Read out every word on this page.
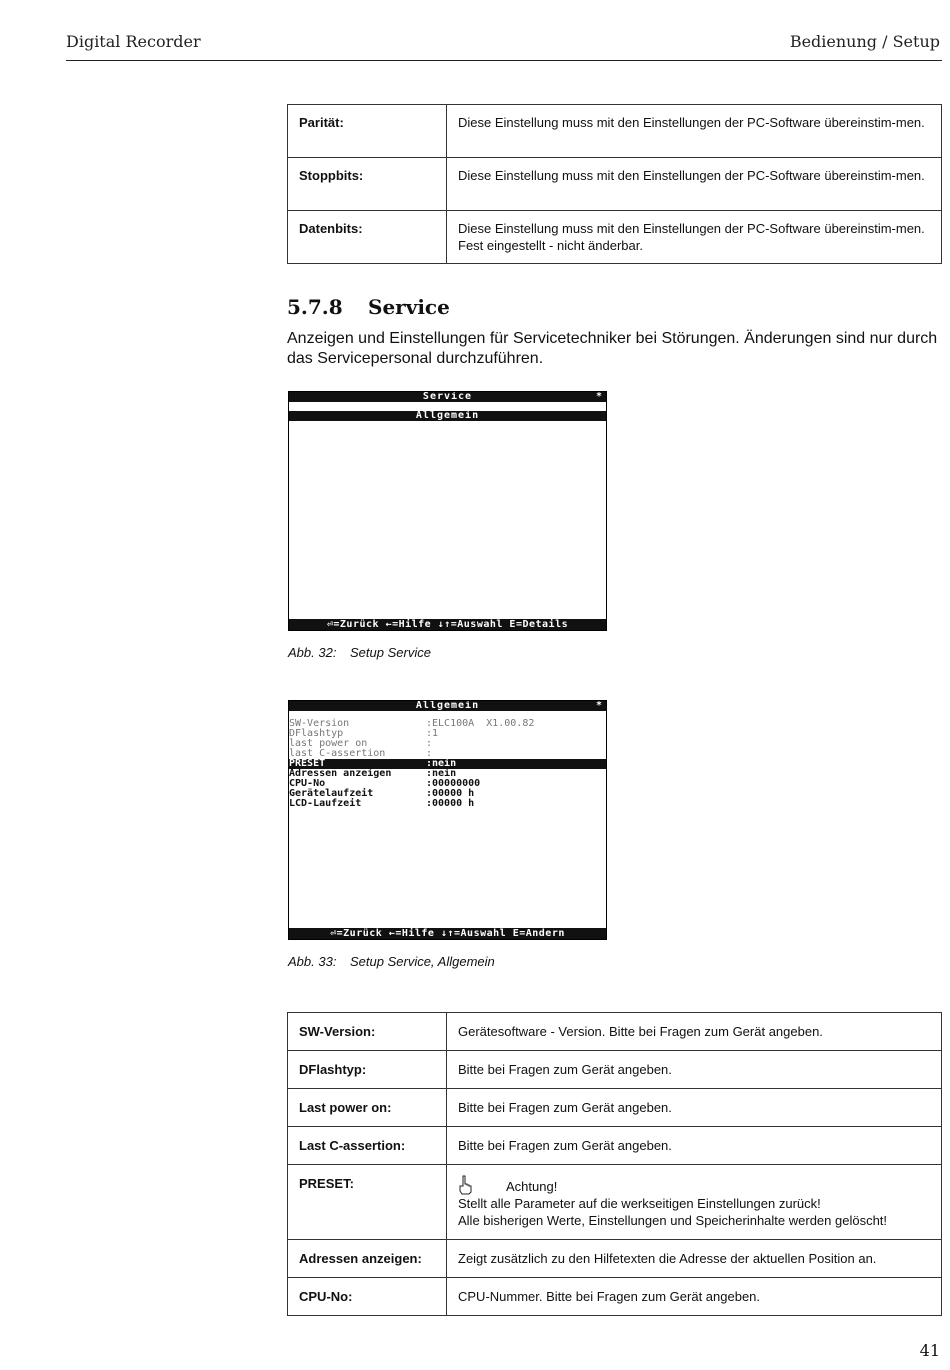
Digital Recorder	Bedienung / Setup
Parität:	Diese Einstellung muss mit den Einstellungen der PC-Software übereinstim-men.
Stoppbits:	Diese Einstellung muss mit den Einstellungen der PC-Software übereinstim-men.
Datenbits:	Diese Einstellung muss mit den Einstellungen der PC-Software übereinstim-men. Fest eingestellt - nicht änderbar.
5.7.8 Service
Anzeigen und Einstellungen für Servicetechniker bei Störungen. Änderungen sind nur durch das Servicepersonal durchzuführen.
Service	*
Allgemein
⏎=Zurück ←=Hilfe ↓↑=Auswahl E=Details
Abb. 32: Setup Service
Allgemein	*
SW-Version	:ELC100A  X1.00.82
DFlashtyp	:1
last power on	:
last C-assertion	:
PRESET	:nein
Adressen anzeigen	:nein
CPU-No	:00000000
Gerätelaufzeit	:00000 h
LCD-Laufzeit	:00000 h
⏎=Zurück ←=Hilfe ↓↑=Auswahl E=Ändern
Abb. 33: Setup Service, Allgemein
SW-Version:	Gerätesoftware - Version. Bitte bei Fragen zum Gerät angeben.
DFlashtyp:	Bitte bei Fragen zum Gerät angeben.
Last power on:	Bitte bei Fragen zum Gerät angeben.
Last C-assertion:	Bitte bei Fragen zum Gerät angeben.
PRESET:	Achtung!
Stellt alle Parameter auf die werkseitigen Einstellungen zurück!
Alle bisherigen Werte, Einstellungen und Speicherinhalte werden gelöscht!

Adressen anzeigen:	Zeigt zusätzlich zu den Hilfetexten die Adresse der aktuellen Position an.
CPU-No:	CPU-Nummer. Bitte bei Fragen zum Gerät angeben.
41
